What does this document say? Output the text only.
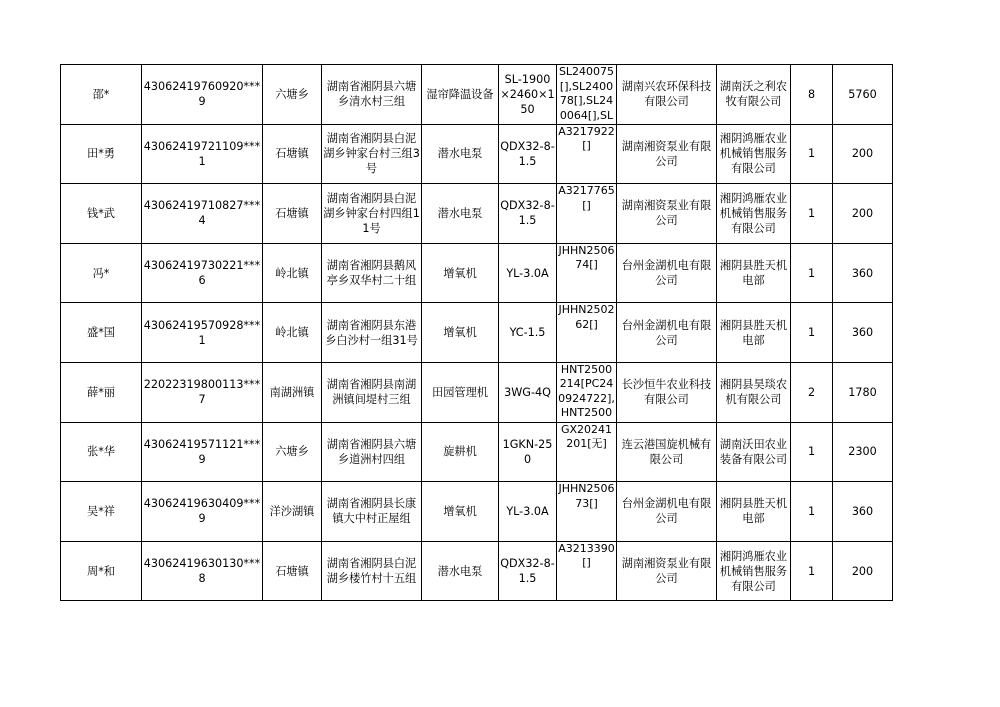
邵*	43062419760920***9	六塘乡	湖南省湘阴县六塘乡清水村三组	湿帘降温设备	SL-1900×2460×150	SL240075[],SL240078[],SL240064[],SL	湖南兴农环保科技有限公司	湖南沃之利农牧有限公司	8	5760
田*勇	43062419721109***1	石塘镇	湖南省湘阴县白泥湖乡钟家台村三组3号	潜水电泵	QDX32-8-1.5	A3217922[]	湖南湘资泵业有限公司	湘阴鸿雁农业机械销售服务有限公司	1	200
钱*武	43062419710827***4	石塘镇	湖南省湘阴县白泥湖乡钟家台村四组11号	潜水电泵	QDX32-8-1.5	A3217765[]	湖南湘资泵业有限公司	湘阴鸿雁农业机械销售服务有限公司	1	200
冯*	43062419730221***6	岭北镇	湖南省湘阴县鹅风亭乡双华村二十组	增氧机	YL-3.0A	JHHN250674[]	台州金湖机电有限公司	湘阴县胜天机电部	1	360
盛*国	43062419570928***1	岭北镇	湖南省湘阴县东港乡白沙村一组31号	增氧机	YC-1.5	JHHN250262[]	台州金湖机电有限公司	湘阴县胜天机电部	1	360
薛*丽	22022319800113***7	南湖洲镇	湖南省湘阴县南湖洲镇间堤村三组	田园管理机	3WG-4Q	HNT2500214[PC240924722],HNT2500	长沙恒牛农业科技有限公司	湘阴县昊琰农机有限公司	2	1780
张*华	43062419571121***9	六塘乡	湖南省湘阴县六塘乡道洲村四组	旋耕机	1GKN-250	GX20241201[无]	连云港国旋机械有限公司	湖南沃田农业装备有限公司	1	2300
吴*祥	43062419630409***9	洋沙湖镇	湖南省湘阴县长康镇大中村正屋组	增氧机	YL-3.0A	JHHN250673[]	台州金湖机电有限公司	湘阴县胜天机电部	1	360
周*和	43062419630130***8	石塘镇	湖南省湘阴县白泥湖乡楼竹村十五组	潜水电泵	QDX32-8-1.5	A3213390[]	湖南湘资泵业有限公司	湘阴鸿雁农业机械销售服务有限公司	1	200
